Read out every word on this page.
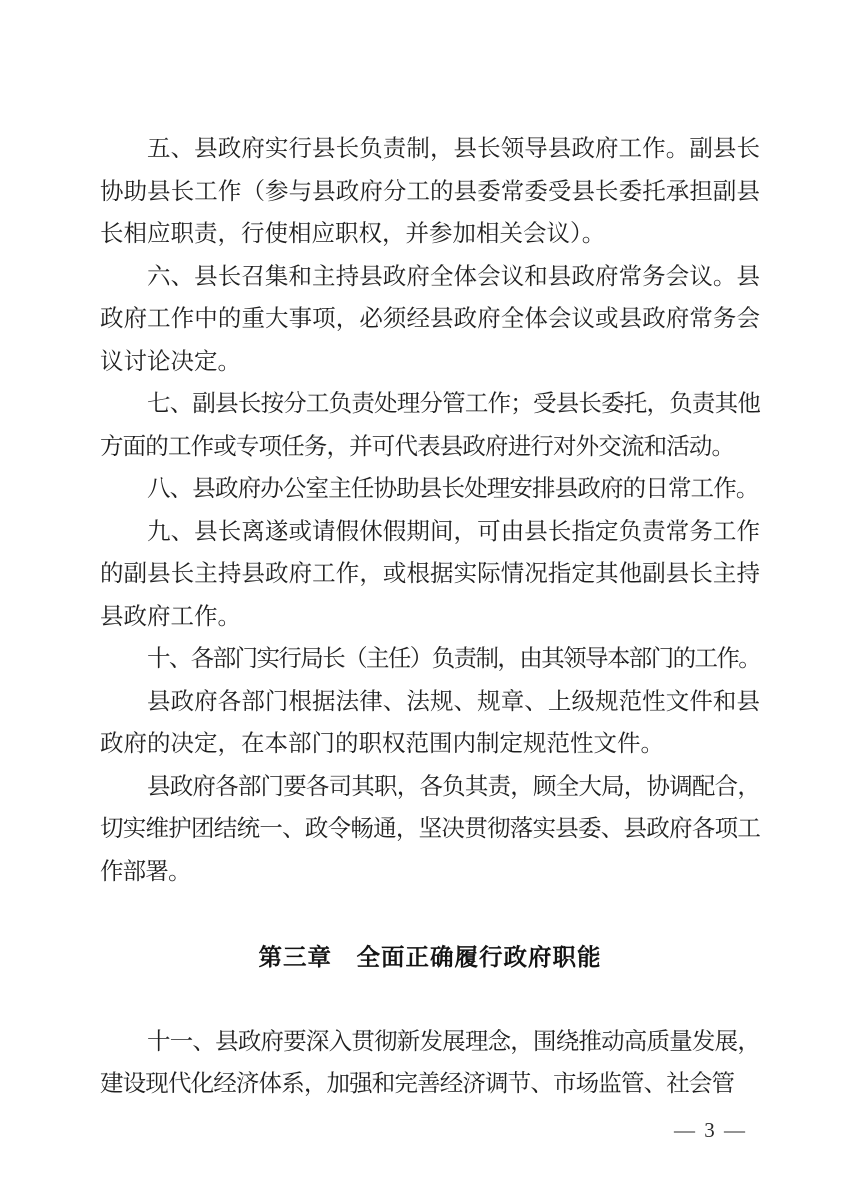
五、县政府实行县长负责制，县长领导县政府工作。副县长协助县长工作（参与县政府分工的县委常委受县长委托承担副县长相应职责，行使相应职权，并参加相关会议）。

六、县长召集和主持县政府全体会议和县政府常务会议。县政府工作中的重大事项，必须经县政府全体会议或县政府常务会议讨论决定。

七、副县长按分工负责处理分管工作；受县长委托，负责其他方面的工作或专项任务，并可代表县政府进行对外交流和活动。

八、县政府办公室主任协助县长处理安排县政府的日常工作。

九、县长离遂或请假休假期间，可由县长指定负责常务工作的副县长主持县政府工作，或根据实际情况指定其他副县长主持县政府工作。

十、各部门实行局长（主任）负责制，由其领导本部门的工作。

县政府各部门根据法律、法规、规章、上级规范性文件和县政府的决定，在本部门的职权范围内制定规范性文件。

县政府各部门要各司其职，各负其责，顾全大局，协调配合，切实维护团结统一、政令畅通，坚决贯彻落实县委、县政府各项工作部署。

第三章　全面正确履行政府职能

十一、县政府要深入贯彻新发展理念，围绕推动高质量发展，建设现代化经济体系，加强和完善经济调节、市场监管、社会管

— 3 —
